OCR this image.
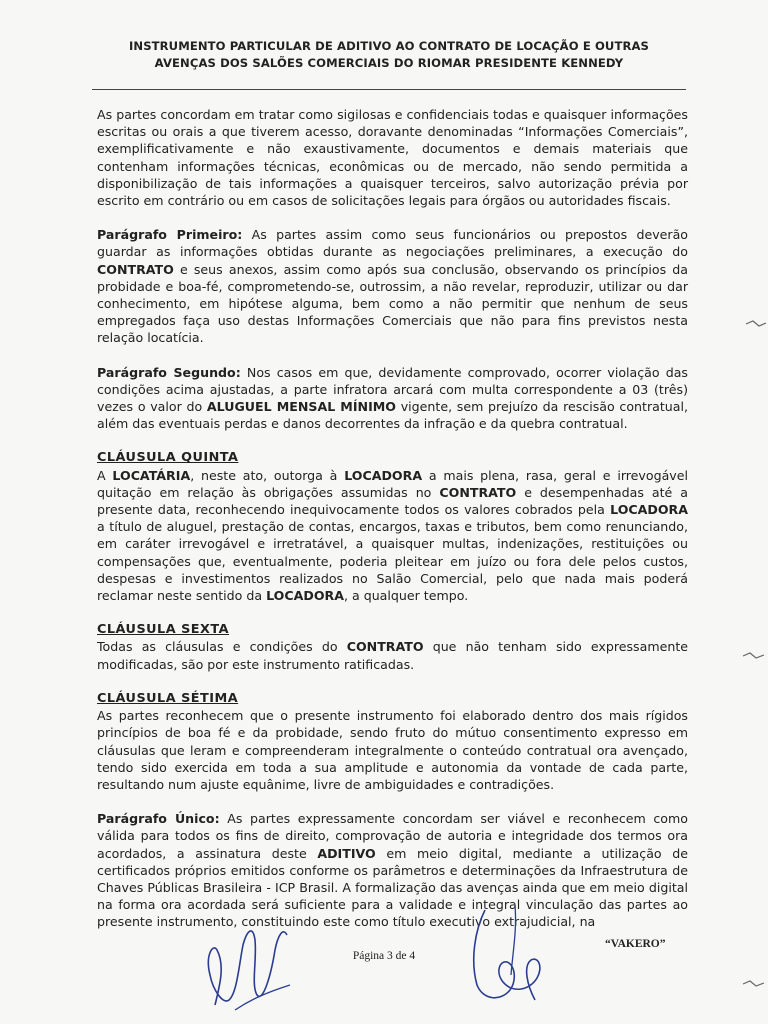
INSTRUMENTO PARTICULAR DE ADITIVO AO CONTRATO DE LOCAÇÃO E OUTRAS
AVENÇAS DOS SALÕES COMERCIAIS DO RIOMAR PRESIDENTE KENNEDY

As partes concordam em tratar como sigilosas e confidenciais todas e quaisquer informações escritas ou orais a que tiverem acesso, doravante denominadas “Informações Comerciais”, exemplificativamente e não exaustivamente, documentos e demais materiais que contenham informações técnicas, econômicas ou de mercado, não sendo permitida a disponibilização de tais informações a quaisquer terceiros, salvo autorização prévia por escrito em contrário ou em casos de solicitações legais para órgãos ou autoridades fiscais.

Parágrafo Primeiro: As partes assim como seus funcionários ou prepostos deverão guardar as informações obtidas durante as negociações preliminares, a execução do CONTRATO e seus anexos, assim como após sua conclusão, observando os princípios da probidade e boa-fé, comprometendo-se, outrossim, a não revelar, reproduzir, utilizar ou dar conhecimento, em hipótese alguma, bem como a não permitir que nenhum de seus empregados faça uso destas Informações Comerciais que não para fins previstos nesta relação locatícia.

Parágrafo Segundo: Nos casos em que, devidamente comprovado, ocorrer violação das condições acima ajustadas, a parte infratora arcará com multa correspondente a 03 (três) vezes o valor do ALUGUEL MENSAL MÍNIMO vigente, sem prejuízo da rescisão contratual, além das eventuais perdas e danos decorrentes da infração e da quebra contratual.

CLÁUSULA QUINTA

A LOCATÁRIA, neste ato, outorga à LOCADORA a mais plena, rasa, geral e irrevogável quitação em relação às obrigações assumidas no CONTRATO e desempenhadas até a presente data, reconhecendo inequivocamente todos os valores cobrados pela LOCADORA a título de aluguel, prestação de contas, encargos, taxas e tributos, bem como renunciando, em caráter irrevogável e irretratável, a quaisquer multas, indenizações, restituições ou compensações que, eventualmente, poderia pleitear em juízo ou fora dele pelos custos, despesas e investimentos realizados no Salão Comercial, pelo que nada mais poderá reclamar neste sentido da LOCADORA, a qualquer tempo.

CLÁUSULA SEXTA

Todas as cláusulas e condições do CONTRATO que não tenham sido expressamente modificadas, são por este instrumento ratificadas.

CLÁUSULA SÉTIMA

As partes reconhecem que o presente instrumento foi elaborado dentro dos mais rígidos princípios de boa fé e da probidade, sendo fruto do mútuo consentimento expresso em cláusulas que leram e compreenderam integralmente o conteúdo contratual ora avençado, tendo sido exercida em toda a sua amplitude e autonomia da vontade de cada parte, resultando num ajuste equânime, livre de ambiguidades e contradições.

Parágrafo Único: As partes expressamente concordam ser viável e reconhecem como válida para todos os fins de direito, comprovação de autoria e integridade dos termos ora acordados, a assinatura deste ADITIVO em meio digital, mediante a utilização de certificados próprios emitidos conforme os parâmetros e determinações da Infraestrutura de Chaves Públicas Brasileira - ICP Brasil. A formalização das avenças ainda que em meio digital na forma ora acordada será suficiente para a validade e integral vinculação das partes ao presente instrumento, constituindo este como título executivo extrajudicial, na

Página 3 de 4
“VAKERO”
